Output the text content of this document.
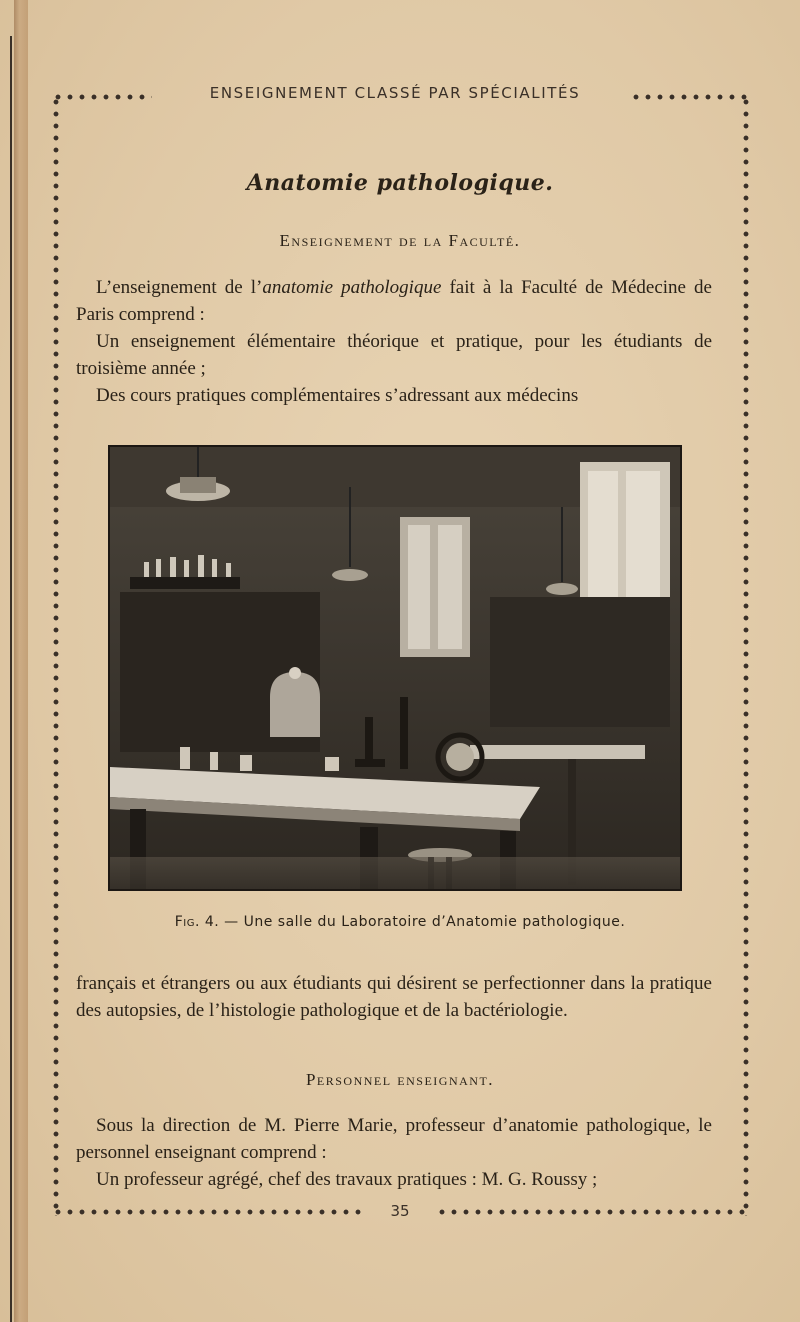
ENSEIGNEMENT CLASSÉ PAR SPÉCIALITÉS
Anatomie pathologique.
Enseignement de la Faculté.

L’enseignement de l’anatomie pathologique fait à la Faculté de Médecine de Paris comprend :

Un enseignement élémentaire théorique et pratique, pour les étudiants de troisième année ;

Des cours pratiques complémentaires s’adressant aux médecins

Fig. 4. — Une salle du Laboratoire d’Anatomie pathologique.

français et étrangers ou aux étudiants qui désirent se perfectionner dans la pratique des autopsies, de l’histologie pathologique et de la bactériologie.

Personnel enseignant.

Sous la direction de M. Pierre Marie, professeur d’anatomie pathologique, le personnel enseignant comprend :

Un professeur agrégé, chef des travaux pratiques : M. G. Roussy ;

35
